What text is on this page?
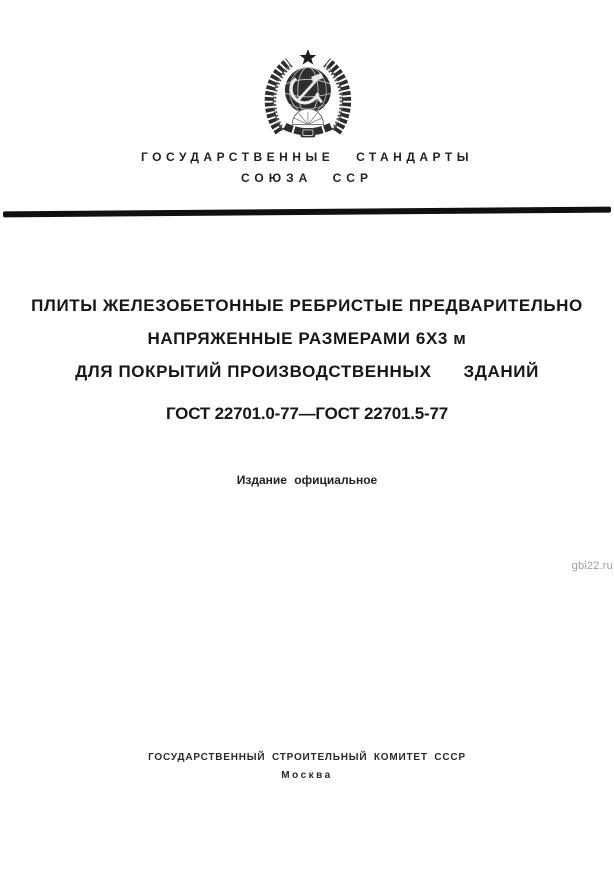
ГОСУДАРСТВЕННЫЕ СТАНДАРТЫ
СОЮЗА ССР
ПЛИТЫ ЖЕЛЕЗОБЕТОННЫЕ РЕБРИСТЫЕ ПРЕДВАРИТЕЛЬНО
НАПРЯЖЕННЫЕ РАЗМЕРАМИ 6Х3 м
ДЛЯ ПОКРЫТИЙ ПРОИЗВОДСТВЕННЫХ      ЗДАНИЙ
ГОСТ 22701.0-77—ГОСТ 22701.5-77
Издание официальное
gbi22.ru
ГОСУДАРСТВЕННЫЙ СТРОИТЕЛЬНЫЙ КОМИТЕТ СССР
Москва
